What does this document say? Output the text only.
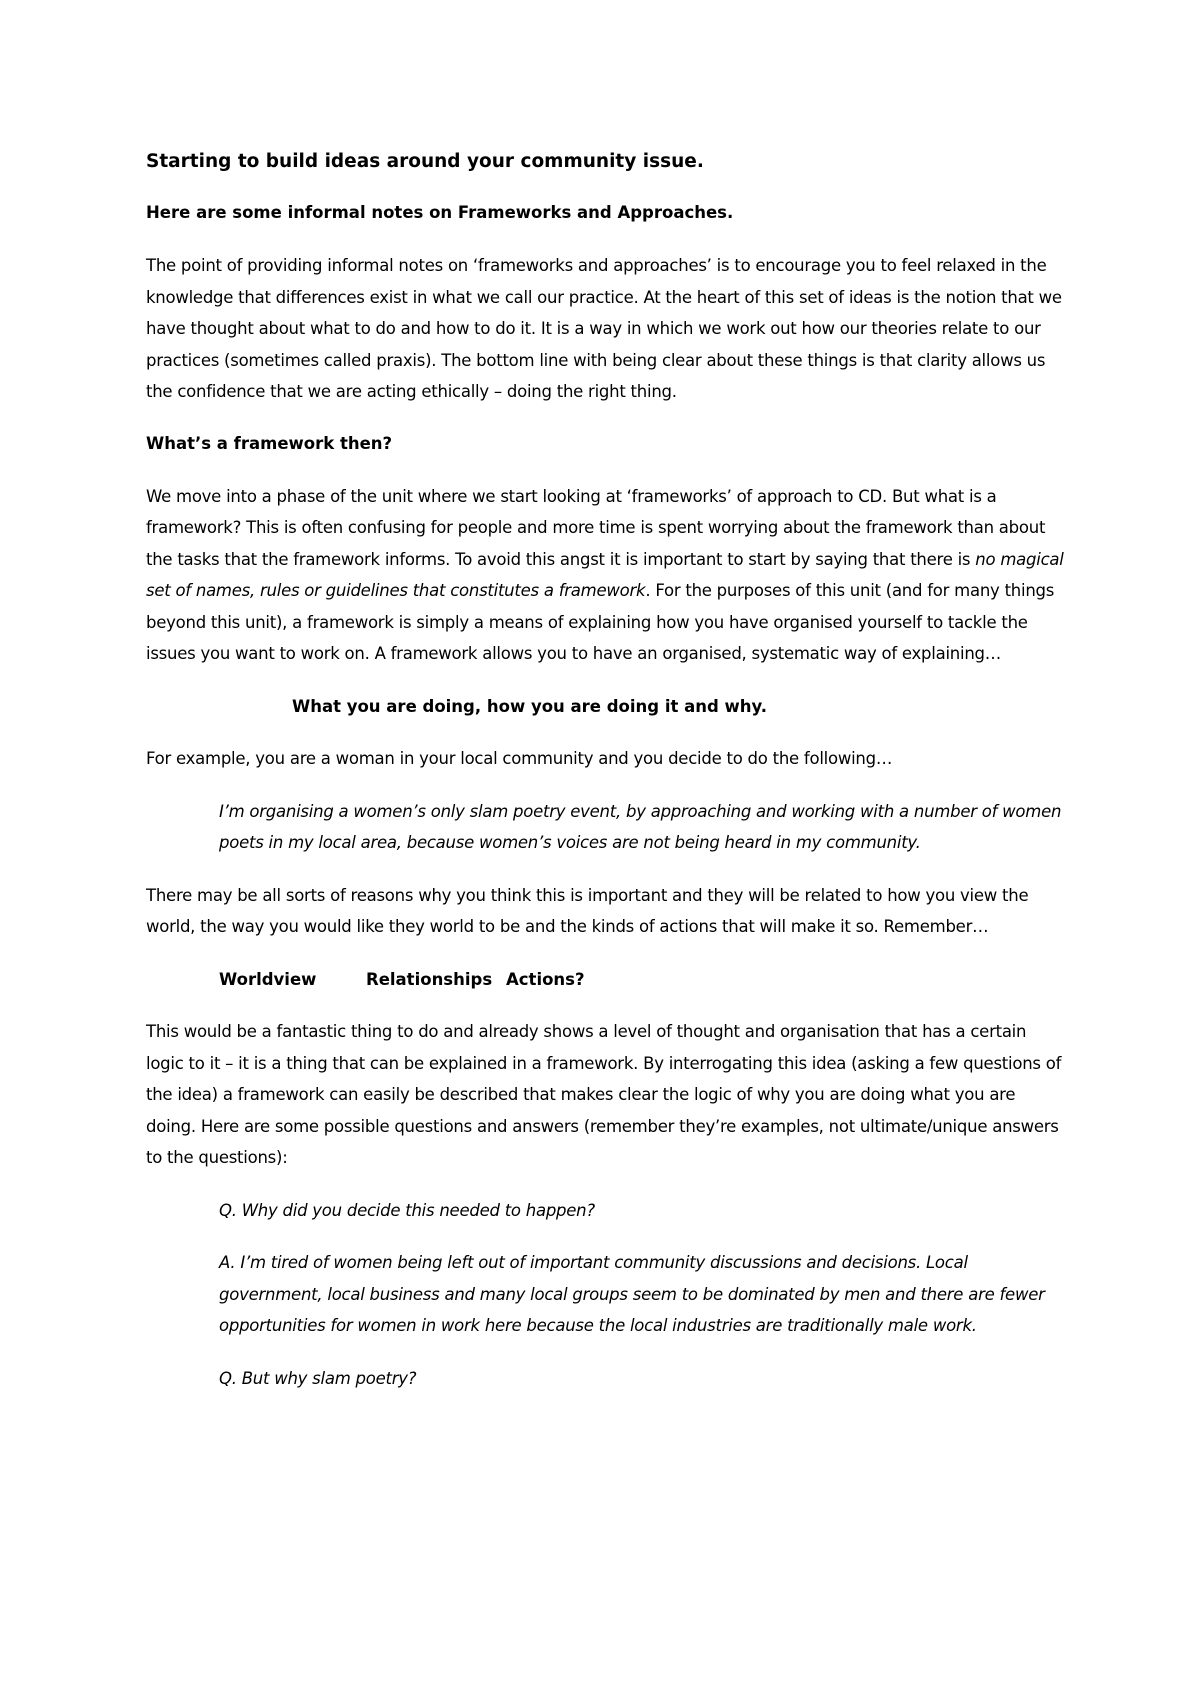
Starting to build ideas around your community issue.

Here are some informal notes on Frameworks and Approaches.

The point of providing informal notes on ‘frameworks and approaches’ is to encourage you to feel relaxed in the knowledge that differences exist in what we call our practice. At the heart of this set of ideas is the notion that we have thought about what to do and how to do it. It is a way in which we work out how our theories relate to our practices (sometimes called praxis). The bottom line with being clear about these things is that clarity allows us the confidence that we are acting ethically – doing the right thing.

What’s a framework then?

We move into a phase of the unit where we start looking at ‘frameworks’ of approach to CD. But what is a framework? This is often confusing for people and more time is spent worrying about the framework than about the tasks that the framework informs. To avoid this angst it is important to start by saying that there is no magical set of names, rules or guidelines that constitutes a framework. For the purposes of this unit (and for many things beyond this unit), a framework is simply a means of explaining how you have organised yourself to tackle the issues you want to work on. A framework allows you to have an organised, systematic way of explaining…

What you are doing, how you are doing it and why.

For example, you are a woman in your local community and you decide to do the following…

I’m organising a women’s only slam poetry event, by approaching and working with a number of women poets in my local area, because women’s voices are not being heard in my community.

There may be all sorts of reasons why you think this is important and they will be related to how you view the world, the way you would like they world to be and the kinds of actions that will make it so. Remember…

Worldview	Relationships Actions?

This would be a fantastic thing to do and already shows a level of thought and organisation that has a certain logic to it – it is a thing that can be explained in a framework. By interrogating this idea (asking a few questions of the idea) a framework can easily be described that makes clear the logic of why you are doing what you are doing. Here are some possible questions and answers (remember they’re examples, not ultimate/unique answers to the questions):

Q. Why did you decide this needed to happen?

A. I’m tired of women being left out of important community discussions and decisions. Local government, local business and many local groups seem to be dominated by men and there are fewer opportunities for women in work here because the local industries are traditionally male work.

Q. But why slam poetry?
